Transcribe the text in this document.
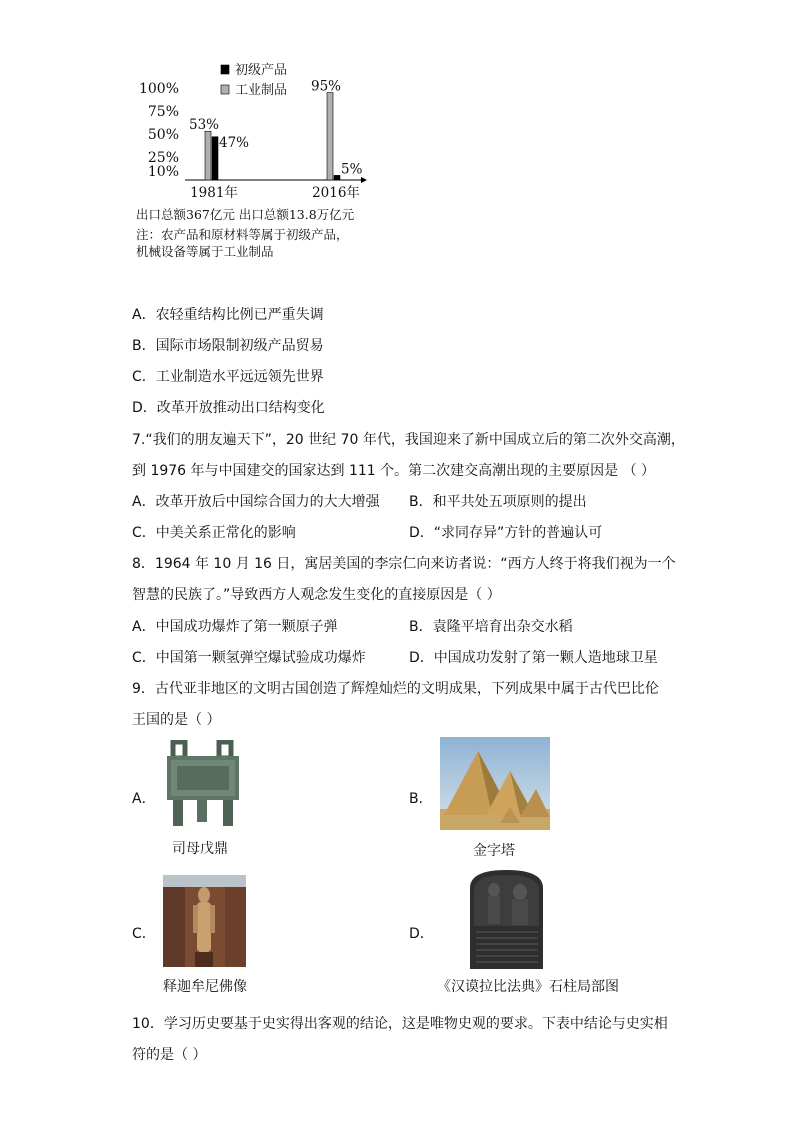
100%
75%
50%
25%
10%
53%
47%
1981年
95%
5%
2016年
初级产品
工业制品
出口总额367亿元 出口总额13.8万亿元
注：农产品和原材料等属于初级产品，
机械设备等属于工业制品
A．农轻重结构比例已严重失调
B．国际市场限制初级产品贸易
C．工业制造水平远远领先世界
D．改革开放推动出口结构变化
7.“我们的朋友遍天下”，20 世纪 70 年代，我国迎来了新中国成立后的第二次外交高潮，
到 1976 年与中国建交的国家达到 111 个。第二次建交高潮出现的主要原因是 （ ）
A．改革开放后中国综合国力的大大增强 B．和平共处五项原则的提出
C．中美关系正常化的影响	D．“求同存异”方针的普遍认可
8．1964 年 10 月 16 日，寓居美国的李宗仁向来访者说：“西方人终于将我们视为一个
智慧的民族了。”导致西方人观念发生变化的直接原因是（ ）
A．中国成功爆炸了第一颗原子弹	B．袁隆平培育出杂交水稻
C．中国第一颗氢弹空爆试验成功爆炸	D．中国成功发射了第一颗人造地球卫星
9．古代亚非地区的文明古国创造了辉煌灿烂的文明成果，下列成果中属于古代巴比伦
王国的是（ ）
A．
司母戊鼎
B．
金字塔
C．
释迦牟尼佛像
D．
《汉谟拉比法典》石柱局部图
10．学习历史要基于史实得出客观的结论，这是唯物史观的要求。下表中结论与史实相
符的是（ ）
